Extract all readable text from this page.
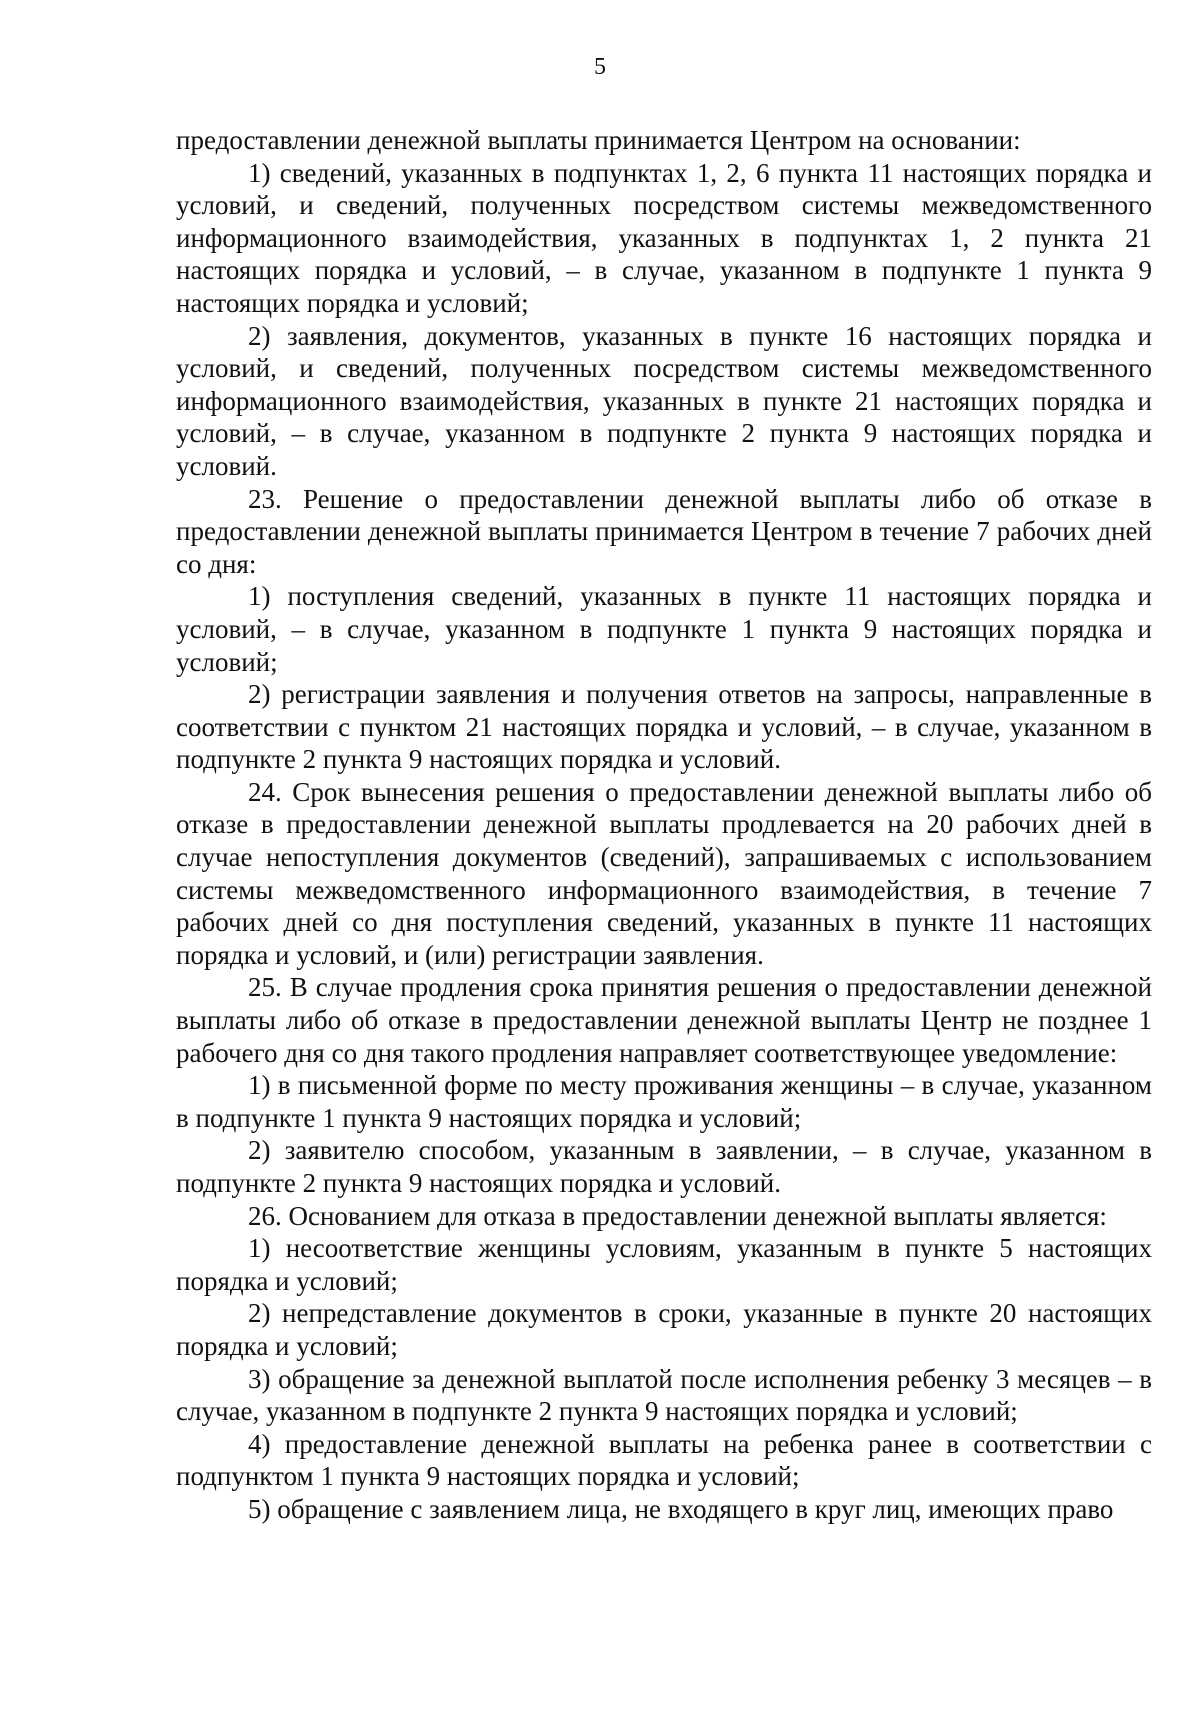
5

предоставлении денежной выплаты принимается Центром на основании:

1) сведений, указанных в подпунктах 1, 2, 6 пункта 11 настоящих порядка и условий, и сведений, полученных посредством системы межведомственного информационного взаимодействия, указанных в подпунктах 1, 2 пункта 21 настоящих порядка и условий, – в случае, указанном в подпункте 1 пункта 9 настоящих порядка и условий;

2) заявления, документов, указанных в пункте 16 настоящих порядка и условий, и сведений, полученных посредством системы межведомственного информационного взаимодействия, указанных в пункте 21 настоящих порядка и условий, – в случае, указанном в подпункте 2 пункта 9 настоящих порядка и условий.

23. Решение о предоставлении денежной выплаты либо об отказе в предоставлении денежной выплаты принимается Центром в течение 7 рабочих дней со дня:

1) поступления сведений, указанных в пункте 11 настоящих порядка и условий, – в случае, указанном в подпункте 1 пункта 9 настоящих порядка и условий;

2) регистрации заявления и получения ответов на запросы, направленные в соответствии с пунктом 21 настоящих порядка и условий, – в случае, указанном в подпункте 2 пункта 9 настоящих порядка и условий.

24. Срок вынесения решения о предоставлении денежной выплаты либо об отказе в предоставлении денежной выплаты продлевается на 20 рабочих дней в случае непоступления документов (сведений), запрашиваемых с использованием системы межведомственного информационного взаимодействия, в течение 7 рабочих дней со дня поступления сведений, указанных в пункте 11 настоящих порядка и условий, и (или) регистрации заявления.

25. В случае продления срока принятия решения о предоставлении денежной выплаты либо об отказе в предоставлении денежной выплаты Центр не позднее 1 рабочего дня со дня такого продления направляет соответствующее уведомление:

1) в письменной форме по месту проживания женщины – в случае, указанном в подпункте 1 пункта 9 настоящих порядка и условий;

2) заявителю способом, указанным в заявлении, – в случае, указанном в подпункте 2 пункта 9 настоящих порядка и условий.

26. Основанием для отказа в предоставлении денежной выплаты является:

1) несоответствие женщины условиям, указанным в пункте 5 настоящих порядка и условий;

2) непредставление документов в сроки, указанные в пункте 20 настоящих порядка и условий;

3) обращение за денежной выплатой после исполнения ребенку 3 месяцев – в случае, указанном в подпункте 2 пункта 9 настоящих порядка и условий;

4) предоставление денежной выплаты на ребенка ранее в соответствии с подпунктом 1 пункта 9 настоящих порядка и условий;

5) обращение с заявлением лица, не входящего в круг лиц, имеющих право
